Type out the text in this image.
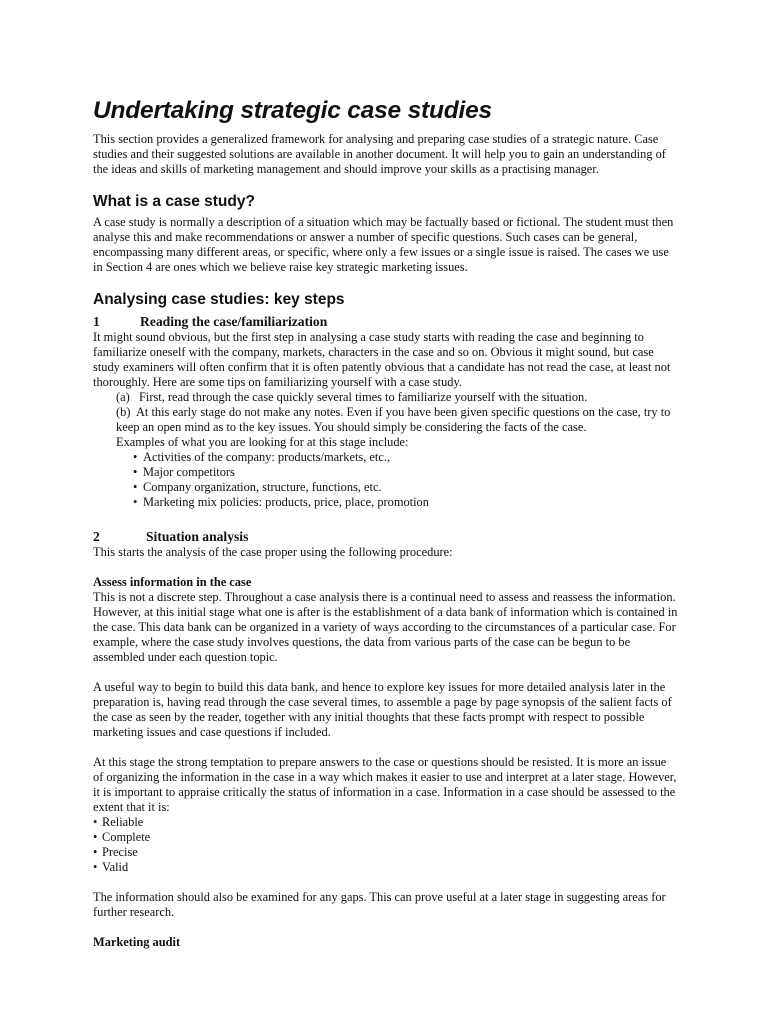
Undertaking strategic case studies

This section provides a generalized framework for analysing and preparing case studies of a strategic nature. Case studies and their suggested solutions are available in another document. It will help you to gain an understanding of the ideas and skills of marketing management and should improve your skills as a practising manager.

What is a case study?

A case study is normally a description of a situation which may be factually based or fictional. The student must then analyse this and make recommendations or answer a number of specific questions. Such cases can be general, encompassing many different areas, or specific, where only a few issues or a single issue is raised. The cases we use in Section 4 are ones which we believe raise key strategic marketing issues.

Analysing case studies: key steps
1	Reading the case/familiarization

It might sound obvious, but the first step in analysing a case study starts with reading the case and beginning to familiarize oneself with the company, markets, characters in the case and so on. Obvious it might sound, but case study examiners will often confirm that it is often patently obvious that a candidate has not read the case, at least not thoroughly. Here are some tips on familiarizing yourself with a case study.

(a) First, read through the case quickly several times to familiarize yourself with the situation.
(b) At this early stage do not make any notes. Even if you have been given specific questions on the case, try to keep an open mind as to the key issues. You should simply be considering the facts of the case.
Examples of what you are looking for at this stage include:
• Activities of the company: products/markets, etc.,
• Major competitors
• Company organization, structure, functions, etc.
• Marketing mix policies: products, price, place, promotion
2	Situation analysis

This starts the analysis of the case proper using the following procedure:

Assess information in the case

This is not a discrete step. Throughout a case analysis there is a continual need to assess and reassess the information. However, at this initial stage what one is after is the establishment of a data bank of information which is contained in the case. This data bank can be organized in a variety of ways according to the circumstances of a particular case. For example, where the case study involves questions, the data from various parts of the case can be begun to be assembled under each question topic.

A useful way to begin to build this data bank, and hence to explore key issues for more detailed analysis later in the preparation is, having read through the case several times, to assemble a page by page synopsis of the salient facts of the case as seen by the reader, together with any initial thoughts that these facts prompt with respect to possible marketing issues and case questions if included.

At this stage the strong temptation to prepare answers to the case or questions should be resisted. It is more an issue of organizing the information in the case in a way which makes it easier to use and interpret at a later stage. However, it is important to appraise critically the status of information in a case. Information in a case should be assessed to the extent that it is:

• Reliable
• Complete
• Precise
• Valid

The information should also be examined for any gaps. This can prove useful at a later stage in suggesting areas for further research.

Marketing audit
